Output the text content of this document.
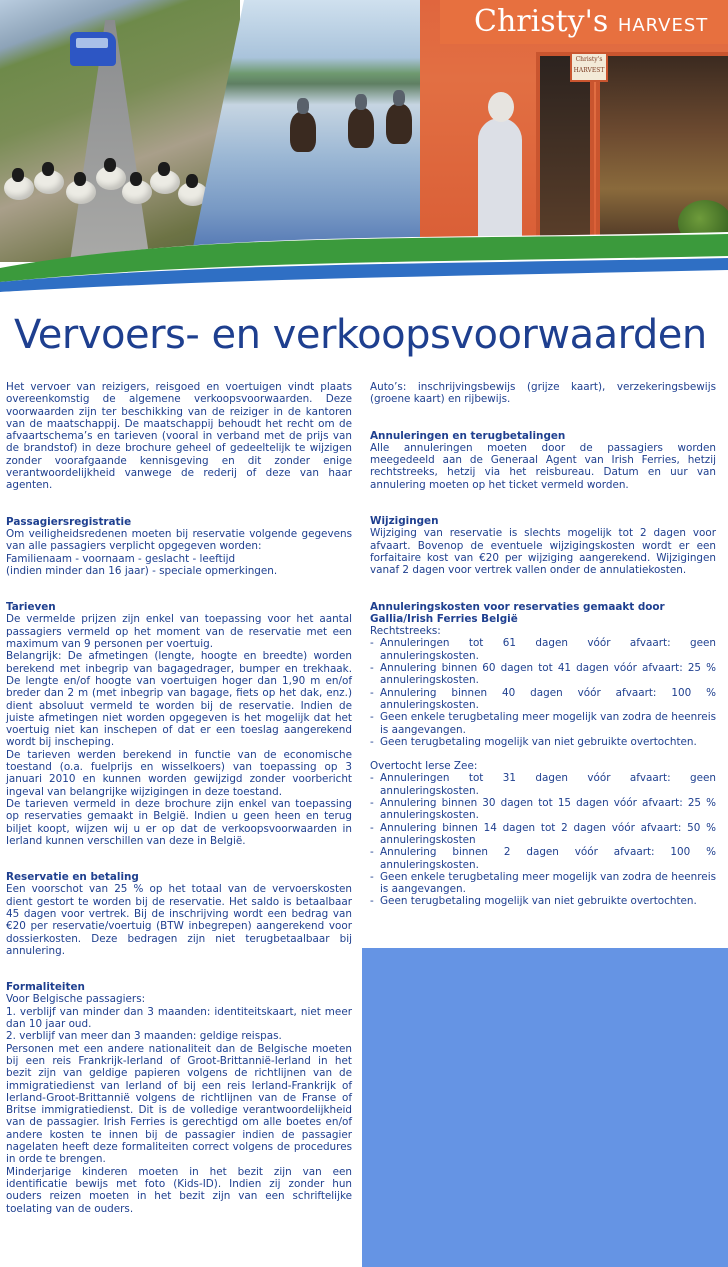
Christy's HARVEST
Christy's
HARVEST
Vervoers- en verkoopsvoorwaarden

Het vervoer van reizigers, reisgoed en voertuigen vindt plaats overeenkomstig de algemene verkoopsvoorwaarden. Deze voorwaarden zijn ter beschikking van de reiziger in de kantoren van de maatschappij. De maatschappij behoudt het recht om de afvaartschema’s en tarieven (vooral in verband met de prijs van de brandstof) in deze brochure geheel of gedeeltelijk te wijzigen zonder voorafgaande kennisgeving en dit zonder enige verantwoordelijkheid vanwege de rederij of deze van haar agenten.

Passagiersregistratie

Om veiligheidsredenen moeten bij reservatie volgende gegevens van alle passagiers verplicht opgegeven worden:

Familienaam - voornaam - geslacht - leeftijd

(indien minder dan 16 jaar) - speciale opmerkingen.

Tarieven

De vermelde prijzen zijn enkel van toepassing voor het aantal passagiers vermeld op het moment van de reservatie met een maximum van 9 personen per voertuig.

Belangrijk: De afmetingen (lengte, hoogte en breedte) worden berekend met inbegrip van bagagedrager, bumper en trekhaak. De lengte en/of hoogte van voertuigen hoger dan 1,90 m en/of breder dan 2 m (met inbegrip van bagage, fiets op het dak, enz.) dient absoluut vermeld te worden bij de reservatie. Indien de juiste afmetingen niet worden opgegeven is het mogelijk dat het voertuig niet kan inschepen of dat er een toeslag aangerekend wordt bij inscheping.

De tarieven werden berekend in functie van de economische toestand (o.a. fuelprijs en wisselkoers) van toepassing op 3 januari 2010 en kunnen worden gewijzigd zonder voorbericht ingeval van belangrijke wijzigingen in deze toestand.

De tarieven vermeld in deze brochure zijn enkel van toepassing op reservaties gemaakt in België. Indien u geen heen en terug biljet koopt, wijzen wij u er op dat de verkoopsvoorwaarden in Ierland kunnen verschillen van deze in België.

Reservatie en betaling

Een voorschot van 25 % op het totaal van de vervoerskosten dient gestort te worden bij de reservatie. Het saldo is betaalbaar 45 dagen voor vertrek. Bij de inschrijving wordt een bedrag van €20 per reservatie/voertuig (BTW inbegrepen) aangerekend voor dossierkosten. Deze bedragen zijn niet terugbetaalbaar bij annulering.

Formaliteiten

Voor Belgische passagiers:

1. verblijf van minder dan 3 maanden: identiteitskaart, niet meer dan 10 jaar oud.

2. verblijf van meer dan 3 maanden: geldige reispas.

Personen met een andere nationaliteit dan de Belgische moeten bij een reis Frankrijk-Ierland of Groot-Brittannië-Ierland in het bezit zijn van geldige papieren volgens de richtlijnen van de immigratiedienst van Ierland of bij een reis Ierland-Frankrijk of Ierland-Groot-Brittannië volgens de richtlijnen van de Franse of Britse immigratiedienst. Dit is de volledige verantwoordelijkheid van de passagier. Irish Ferries is gerechtigd om alle boetes en/of andere kosten te innen bij de passagier indien de passagier nagelaten heeft deze formaliteiten correct volgens de procedures in orde te brengen.

Minderjarige kinderen moeten in het bezit zijn van een identificatie bewijs met foto (Kids-ID). Indien zij zonder hun ouders reizen moeten in het bezit zijn van een schriftelijke toelating van de ouders.

Auto’s: inschrijvingsbewijs (grijze kaart), verzekeringsbewijs (groene kaart) en rijbewijs.

Annuleringen en terugbetalingen

Alle annuleringen moeten door de passagiers worden meegedeeld aan de Generaal Agent van Irish Ferries, hetzij rechtstreeks, hetzij via het reisbureau. Datum en uur van annulering moeten op het ticket vermeld worden.

Wijzigingen

Wijziging van reservatie is slechts mogelijk tot 2 dagen voor afvaart. Bovenop de eventuele wijzigingskosten wordt er een forfaitaire kost van €20 per wijziging aangerekend. Wijzigingen vanaf 2 dagen voor vertrek vallen onder de annulatiekosten.

Annuleringskosten voor reservaties gemaakt door Gallia/Irish Ferries België

Rechtstreeks:

- Annuleringen tot 61 dagen vóór afvaart: geen annuleringskosten.
- Annulering binnen 60 dagen tot 41 dagen vóór afvaart: 25 % annuleringskosten.
- Annulering binnen 40 dagen vóór afvaart: 100 % annuleringskosten.
- Geen enkele terugbetaling meer mogelijk van zodra de heenreis is aangevangen.
- Geen terugbetaling mogelijk van niet gebruikte overtochten.

Overtocht Ierse Zee:

- Annuleringen tot 31 dagen vóór afvaart: geen annuleringskosten.
- Annulering binnen 30 dagen tot 15 dagen vóór afvaart: 25 % annuleringskosten.
- Annulering binnen 14 dagen tot 2 dagen vóór afvaart: 50 % annuleringskosten
- Annulering binnen 2 dagen vóór afvaart: 100 % annuleringskosten.
- Geen enkele terugbetaling meer mogelijk van zodra de heenreis is aangevangen.
- Geen terugbetaling mogelijk van niet gebruikte overtochten.
